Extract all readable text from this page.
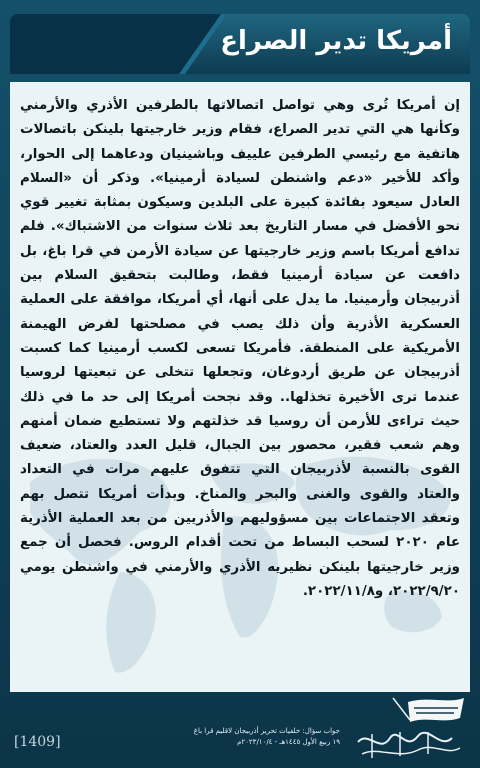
أمريكا تدير الصراع
إن أمريكا تُرى وهي تواصل اتصالاتها بالطرفين الأذري والأرمني وكأنها هي التي تدير الصراع، فقام وزير خارجيتها بلينكن باتصالات هاتفية مع رئيسي الطرفين علييف وباشينيان ودعاهما إلى الحوار، وأكد للأخير «دعم واشنطن لسيادة أرمينيا». وذكر أن «السلام العادل سيعود بفائدة كبيرة على البلدين وسيكون بمثابة تغيير قوي نحو الأفضل في مسار التاريخ بعد ثلاث سنوات من الاشتباك». فلم تدافع أمريكا باسم وزير خارجيتها عن سيادة الأرمن في قرا باغ، بل دافعت عن سيادة أرمينيا فقط، وطالبت بتحقيق السلام بين أذربيجان وأرمينيا. ما يدل على أنها، أي أمريكا، موافقة على العملية العسكرية الأذرية وأن ذلك يصب في مصلحتها لفرض الهيمنة الأمريكية على المنطقة. فأمريكا تسعى لكسب أرمينيا كما كسبت أذربيجان عن طريق أردوغان، وتجعلها تتخلى عن تبعيتها لروسيا عندما ترى الأخيرة تخذلها.. وقد نجحت أمريكا إلى حد ما في ذلك حيث تراءى للأرمن أن روسيا قد خذلتهم ولا تستطيع ضمان أمنهم وهم شعب فقير، محصور بين الجبال، قليل العدد والعتاد، ضعيف القوى بالنسبة لأذربيجان التي تتفوق عليهم مرات في التعداد والعتاد والقوى والغنى والبحر والمناخ. وبدأت أمريكا تتصل بهم وتعقد الاجتماعات بين مسؤوليهم والأذريين من بعد العملية الأذرية عام ٢٠٢٠ لسحب البساط من تحت أقدام الروس. فحصل أن جمع وزير خارجيتها بلينكن نظيريه الأذري والأرمني في واشنطن يومي ٢٠٢٢/٩/٢٠، و٢٠٢٢/١١/٨.
[1409]
جواب سؤال: خلفيات تحرير أذربيجان لاقليم قرا باغ
١٩ ربيع الأول ١٤٤٥هـ - ٢٠٢٣/١٠/٤م
